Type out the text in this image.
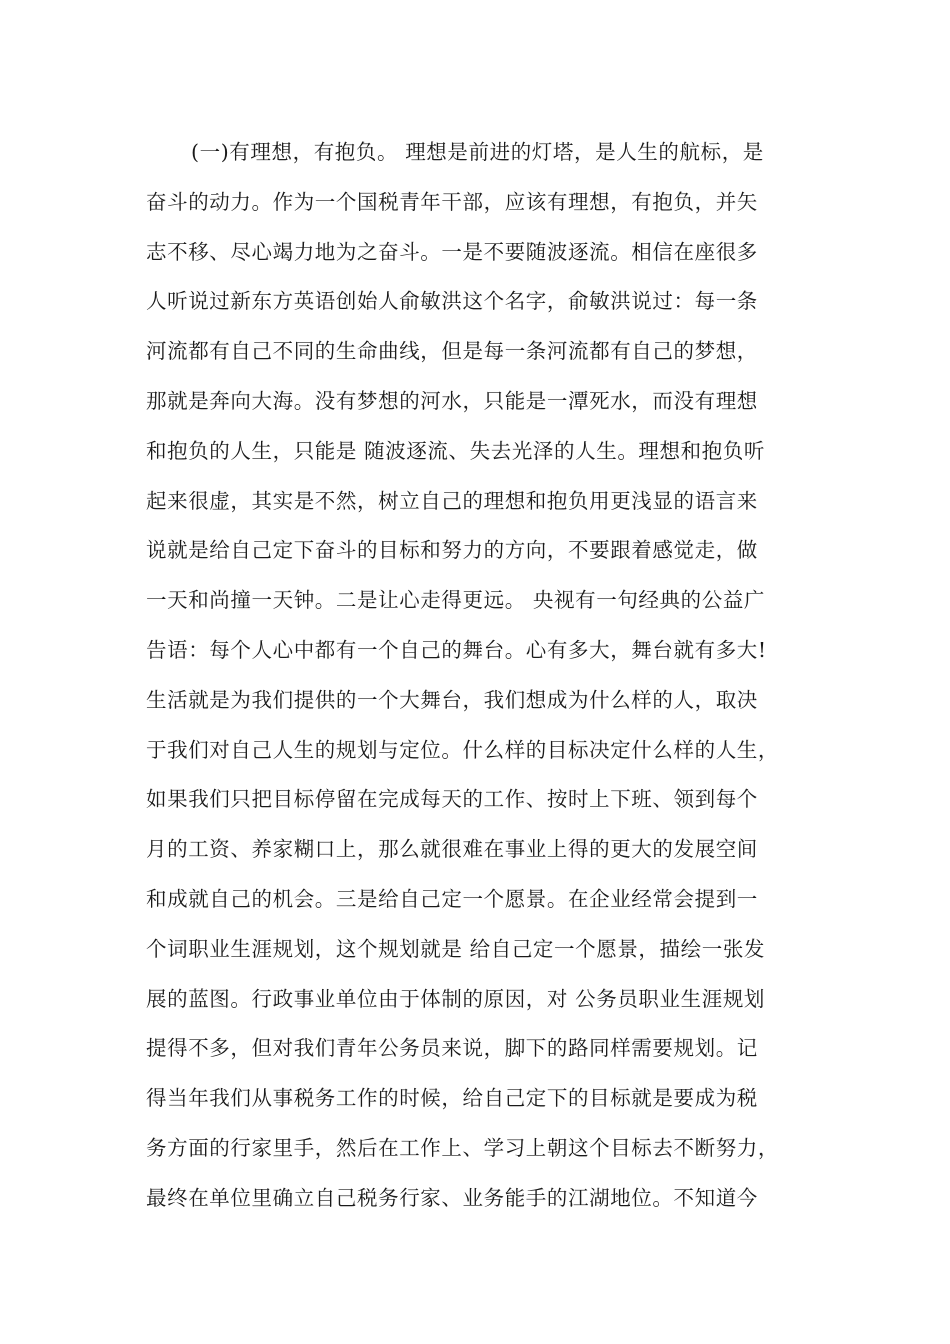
(一)有理想，有抱负。 理想是前进的灯塔，是人生的航标，是
奋斗的动力。作为一个国税青年干部，应该有理想，有抱负，并矢
志不移、尽心竭力地为之奋斗。一是不要随波逐流。相信在座很多
人听说过新东方英语创始人俞敏洪这个名字，俞敏洪说过：每一条
河流都有自己不同的生命曲线，但是每一条河流都有自己的梦想，
那就是奔向大海。没有梦想的河水，只能是一潭死水，而没有理想
和抱负的人生，只能是 随波逐流、失去光泽的人生。理想和抱负听
起来很虚，其实是不然，树立自己的理想和抱负用更浅显的语言来
说就是给自己定下奋斗的目标和努力的方向，不要跟着感觉走，做
一天和尚撞一天钟。二是让心走得更远。 央视有一句经典的公益广
告语：每个人心中都有一个自己的舞台。心有多大，舞台就有多大!
生活就是为我们提供的一个大舞台，我们想成为什么样的人，取决
于我们对自己人生的规划与定位。什么样的目标决定什么样的人生，
如果我们只把目标停留在完成每天的工作、按时上下班、领到每个
月的工资、养家糊口上，那么就很难在事业上得的更大的发展空间
和成就自己的机会。三是给自己定一个愿景。在企业经常会提到一
个词职业生涯规划，这个规划就是 给自己定一个愿景，描绘一张发
展的蓝图。行政事业单位由于体制的原因，对 公务员职业生涯规划
提得不多，但对我们青年公务员来说，脚下的路同样需要规划。记
得当年我们从事税务工作的时候，给自己定下的目标就是要成为税
务方面的行家里手，然后在工作上、学习上朝这个目标去不断努力，
最终在单位里确立自己税务行家、业务能手的江湖地位。不知道今
